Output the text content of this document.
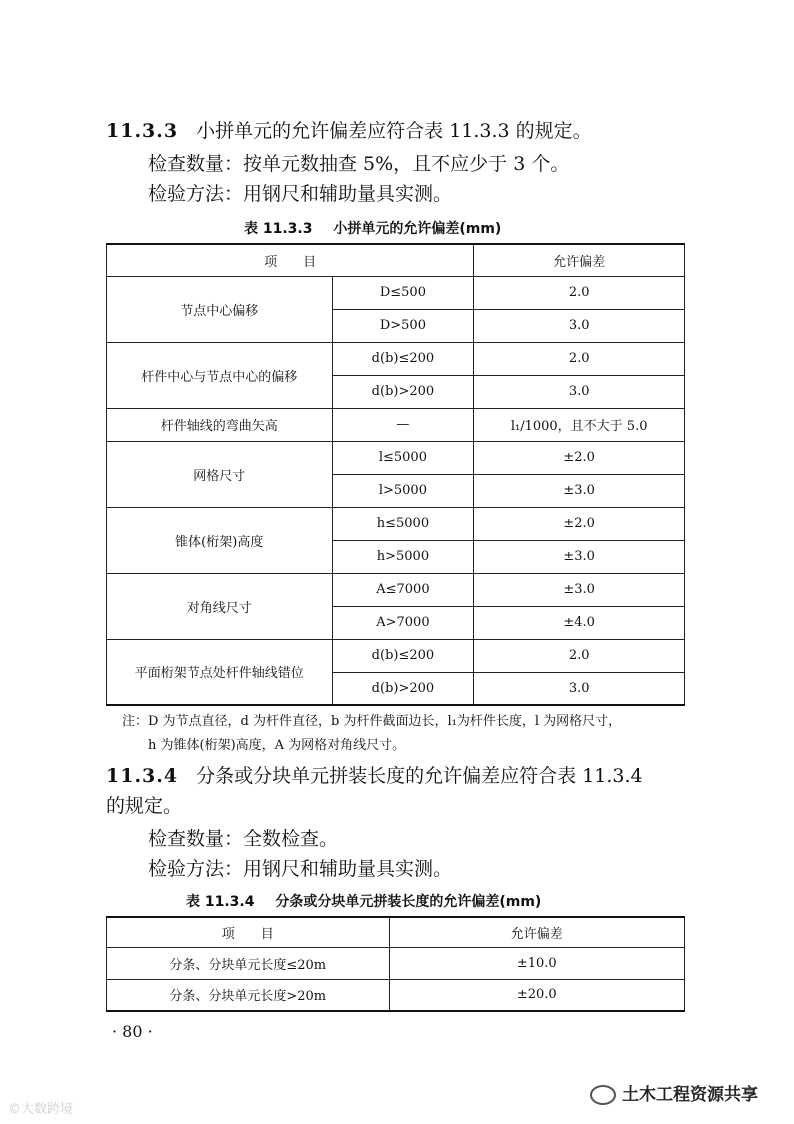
11.3.3 小拼单元的允许偏差应符合表 11.3.3 的规定。
检查数量：按单元数抽查 5%，且不应少于 3 个。
检验方法：用钢尺和辅助量具实测。
表 11.3.3 小拼单元的允许偏差(mm)
项　　目		允许偏差
节点中心偏移	D≤500	2.0
	D>500	3.0
杆件中心与节点中心的偏移	d(b)≤200	2.0
	d(b)>200	3.0
杆件轴线的弯曲矢高	—	l₁/1000，且不大于 5.0
网格尺寸	l≤5000	±2.0
	l>5000	±3.0
锥体(桁架)高度	h≤5000	±2.0
	h>5000	±3.0
对角线尺寸	A≤7000	±3.0
	A>7000	±4.0
平面桁架节点处杆件轴线错位	d(b)≤200	2.0
	d(b)>200	3.0
注：D 为节点直径，d 为杆件直径，b 为杆件截面边长，l₁为杆件长度，l 为网格尺寸，
h 为锥体(桁架)高度，A 为网格对角线尺寸。
11.3.4 分条或分块单元拼装长度的允许偏差应符合表 11.3.4
的规定。
检查数量：全数检查。
检验方法：用钢尺和辅助量具实测。
表 11.3.4 分条或分块单元拼装长度的允许偏差(mm)
项　　目	允许偏差
分条、分块单元长度≤20m	±10.0
分条、分块单元长度>20m	±20.0
· 80 ·
©大数跨境
土木工程资源共享
